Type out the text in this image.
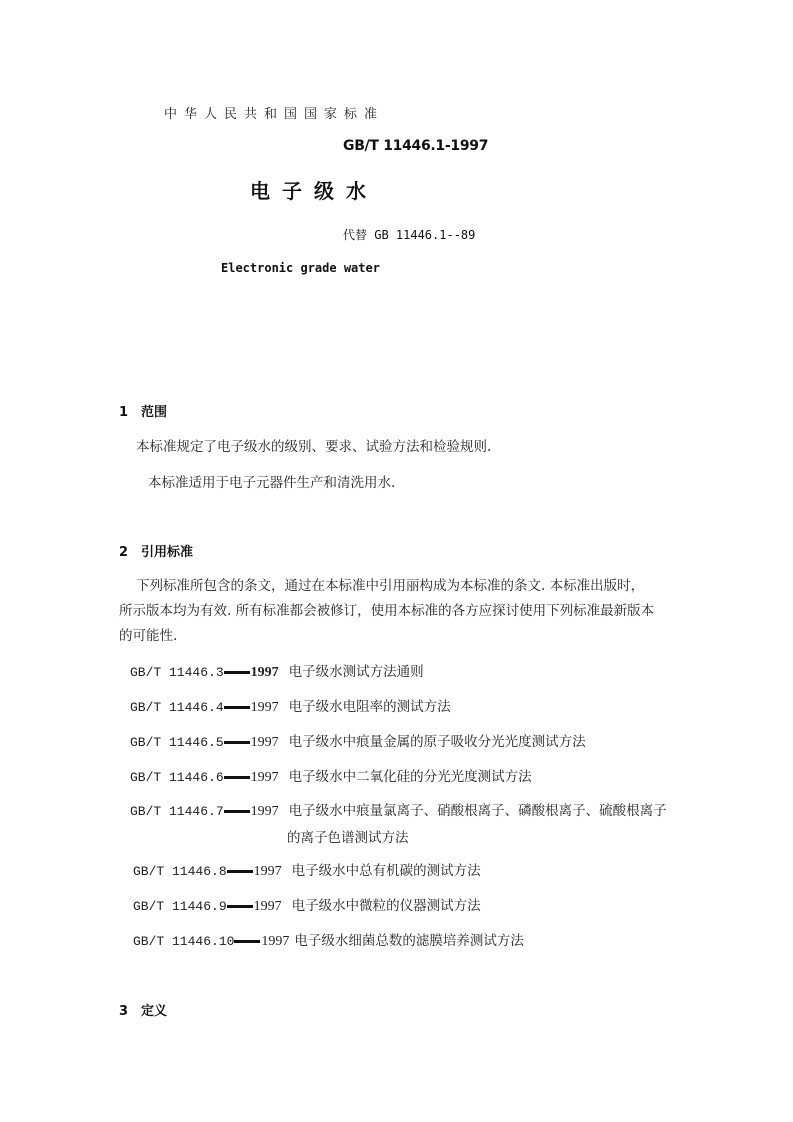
中华人民共和国国家标准
GB/T 11446.1-1997
电子级水
代替 GB 11446.1--89
Electronic grade water
1 范围
本标准规定了电子级水的级别、要求、试验方法和检验规则.
本标准适用于电子元器件生产和清洗用水.
2 引用标准
下列标准所包含的条文，通过在本标准中引用丽构成为本标准的条文. 本标准出版时，
所示版本均为有效. 所有标准都会被修订，使用本标准的各方应探讨使用下列标准最新版本
的可能性.
GB/T 11446.3 1997 电子级水测试方法通则
GB/T 11446.4 1997 电子级水电阻率的测试方法
GB/T 11446.5 1997 电子级水中痕量金属的原子吸收分光光度测试方法
GB/T 11446.6 1997 电子级水中二氧化硅的分光光度测试方法
GB/T 11446.7 1997 电子级水中痕量氯离子、硝酸根离子、磷酸根离子、硫酸根离子
的离子色谱测试方法
GB/T 11446.8 1997 电子级水中总有机碳的测试方法
GB/T 11446.9 1997 电子级水中微粒的仪器测试方法
GB/T 11446.10 1997 电子级水细菌总数的滤膜培养测试方法
3 定义
